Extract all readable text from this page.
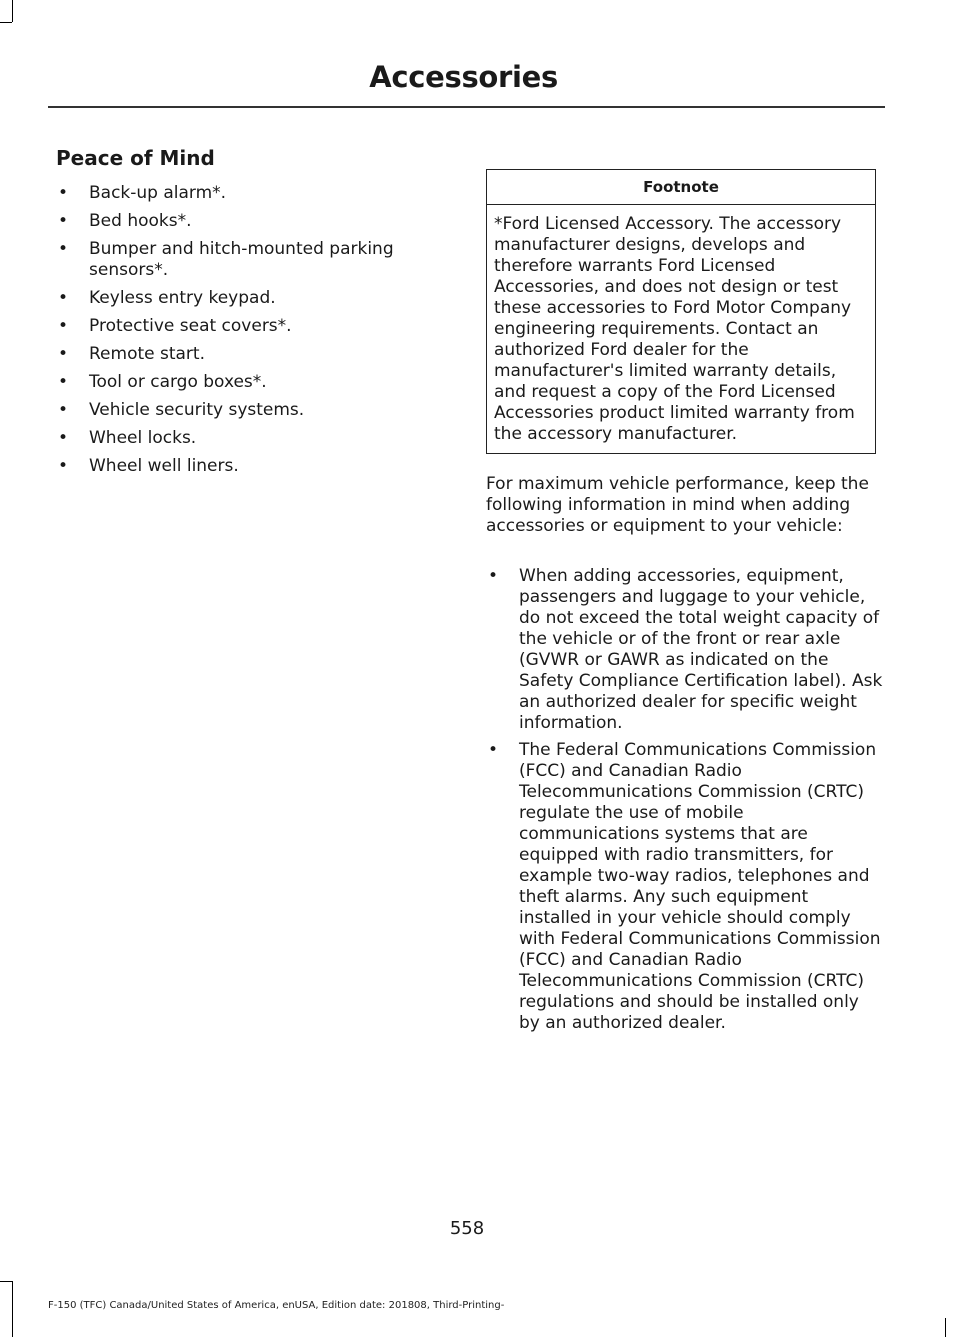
Accessories
Peace of Mind
• Back-up alarm*.
• Bed hooks*.
• Bumper and hitch-mounted parking sensors*.
• Keyless entry keypad.
• Protective seat covers*.
• Remote start.
• Tool or cargo boxes*.
• Vehicle security systems.
• Wheel locks.
• Wheel well liners.
Footnote
*Ford Licensed Accessory. The accessory manufacturer designs, develops and therefore warrants Ford Licensed Accessories, and does not design or test these accessories to Ford Motor Company engineering requirements. Contact an authorized Ford dealer for the manufacturer's limited warranty details, and request a copy of the Ford Licensed Accessories product limited warranty from the accessory manufacturer.

For maximum vehicle performance, keep the following information in mind when adding accessories or equipment to your vehicle:

• When adding accessories, equipment, passengers and luggage to your vehicle, do not exceed the total weight capacity of the vehicle or of the front or rear axle (GVWR or GAWR as indicated on the Safety Compliance Certification label). Ask an authorized dealer for specific weight information.
• The Federal Communications Commission (FCC) and Canadian Radio Telecommunications Commission (CRTC) regulate the use of mobile communications systems that are equipped with radio transmitters, for example two-way radios, telephones and theft alarms. Any such equipment installed in your vehicle should comply with Federal Communications Commission (FCC) and Canadian Radio Telecommunications Commission (CRTC) regulations and should be installed only by an authorized dealer.
558
F-150 (TFC) Canada/United States of America, enUSA, Edition date: 201808, Third-Printing-
